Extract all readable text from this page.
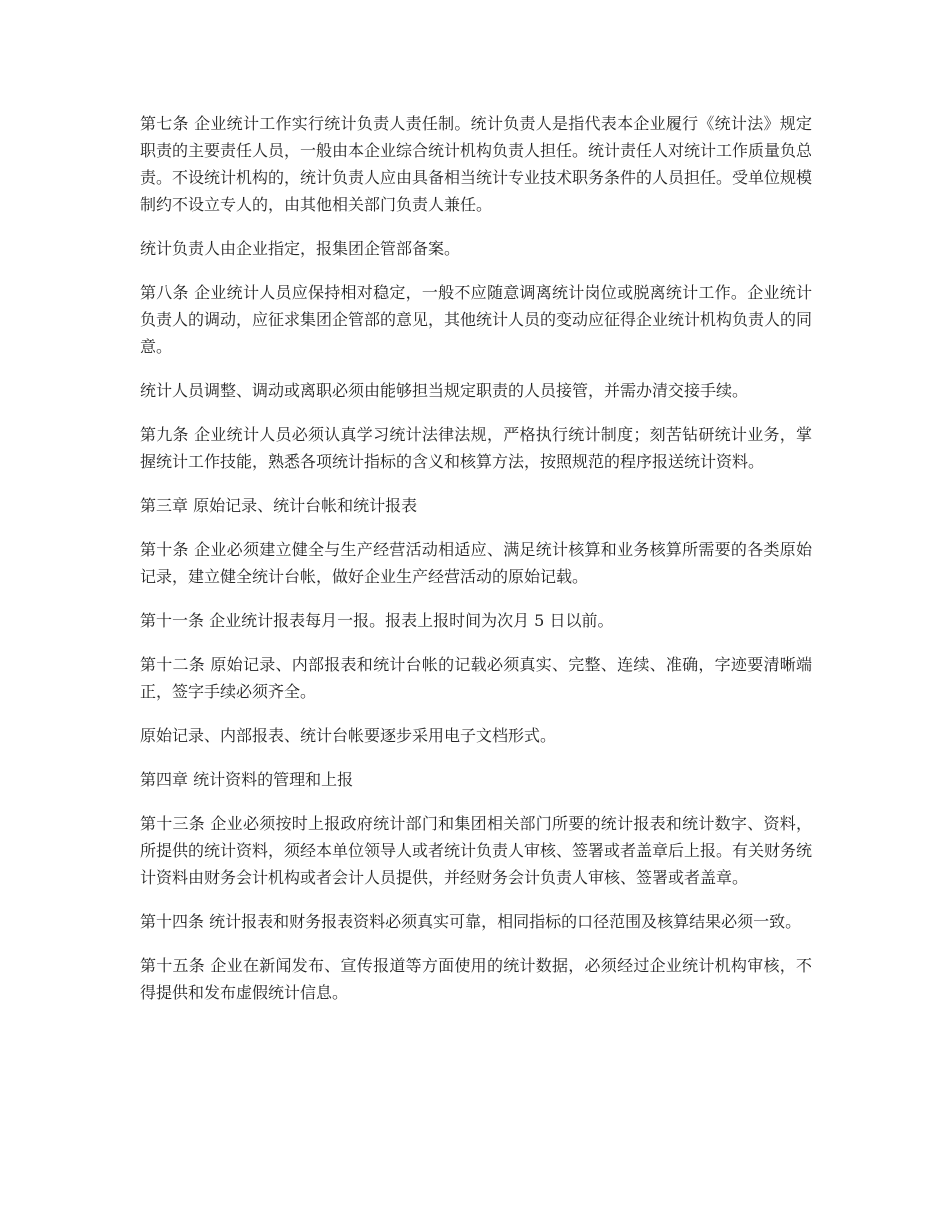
第七条 企业统计工作实行统计负责人责任制。统计负责人是指代表本企业履行《统计法》规定职责的主要责任人员，一般由本企业综合统计机构负责人担任。统计责任人对统计工作质量负总责。不设统计机构的，统计负责人应由具备相当统计专业技术职务条件的人员担任。受单位规模制约不设立专人的，由其他相关部门负责人兼任。

统计负责人由企业指定，报集团企管部备案。

第八条 企业统计人员应保持相对稳定，一般不应随意调离统计岗位或脱离统计工作。企业统计负责人的调动，应征求集团企管部的意见，其他统计人员的变动应征得企业统计机构负责人的同意。

统计人员调整、调动或离职必须由能够担当规定职责的人员接管，并需办清交接手续。

第九条 企业统计人员必须认真学习统计法律法规，严格执行统计制度；刻苦钻研统计业务，掌握统计工作技能，熟悉各项统计指标的含义和核算方法，按照规范的程序报送统计资料。

第三章 原始记录、统计台帐和统计报表

第十条 企业必须建立健全与生产经营活动相适应、满足统计核算和业务核算所需要的各类原始记录，建立健全统计台帐，做好企业生产经营活动的原始记载。

第十一条 企业统计报表每月一报。报表上报时间为次月 5 日以前。

第十二条 原始记录、内部报表和统计台帐的记载必须真实、完整、连续、准确，字迹要清晰端正，签字手续必须齐全。

原始记录、内部报表、统计台帐要逐步采用电子文档形式。

第四章 统计资料的管理和上报

第十三条 企业必须按时上报政府统计部门和集团相关部门所要的统计报表和统计数字、资料，所提供的统计资料，须经本单位领导人或者统计负责人审核、签署或者盖章后上报。有关财务统计资料由财务会计机构或者会计人员提供，并经财务会计负责人审核、签署或者盖章。

第十四条 统计报表和财务报表资料必须真实可靠，相同指标的口径范围及核算结果必须一致。

第十五条 企业在新闻发布、宣传报道等方面使用的统计数据，必须经过企业统计机构审核，不得提供和发布虚假统计信息。
